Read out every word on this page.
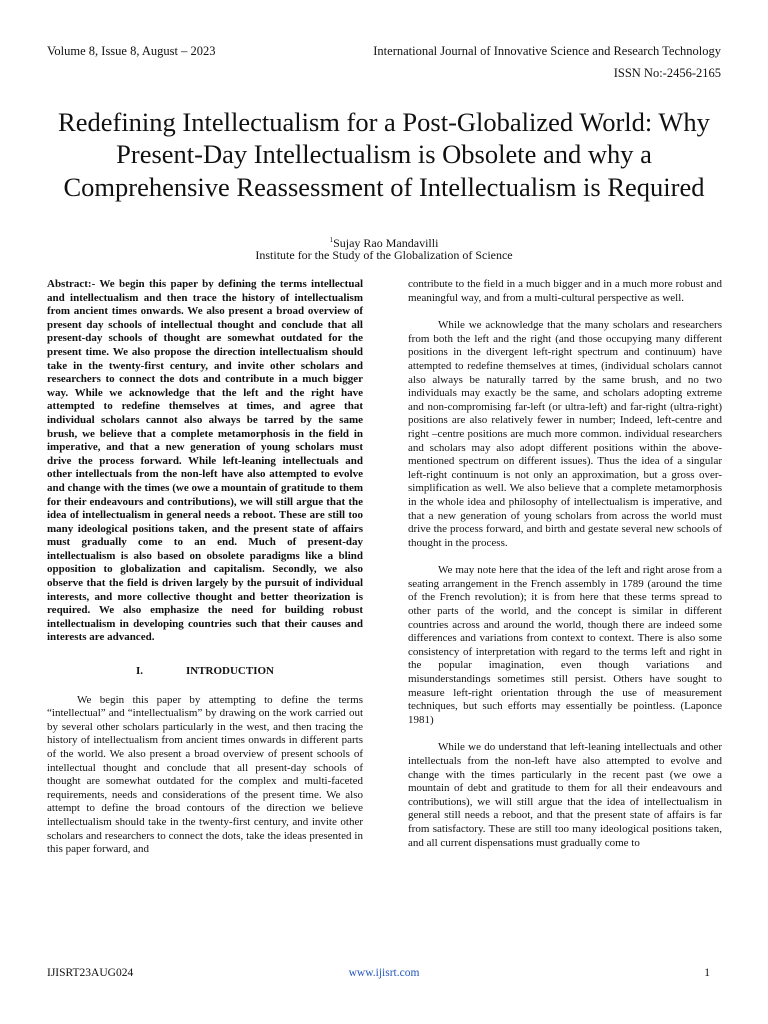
Volume 8, Issue 8, August – 2023	International Journal of Innovative Science and Research Technology
ISSN No:-2456-2165
Redefining Intellectualism for a Post-Globalized World: Why Present-Day Intellectualism is Obsolete and why a Comprehensive Reassessment of Intellectualism is Required
$^1$Sujay Rao Mandavilli
Institute for the Study of the Globalization of Science

Abstract:- We begin this paper by defining the terms intellectual and intellectualism and then trace the history of intellectualism from ancient times onwards. We also present a broad overview of present day schools of intellectual thought and conclude that all present-day schools of thought are somewhat outdated for the present time. We also propose the direction intellectualism should take in the twenty-first century, and invite other scholars and researchers to connect the dots and contribute in a much bigger way. While we acknowledge that the left and the right have attempted to redefine themselves at times, and agree that individual scholars cannot also always be tarred by the same brush, we believe that a complete metamorphosis in the field in imperative, and that a new generation of young scholars must drive the process forward. While left-leaning intellectuals and other intellectuals from the non-left have also attempted to evolve and change with the times (we owe a mountain of gratitude to them for their endeavours and contributions), we will still argue that the idea of intellectualism in general needs a reboot. These are still too many ideological positions taken, and the present state of affairs must gradually come to an end. Much of present-day intellectualism is also based on obsolete paradigms like a blind opposition to globalization and capitalism. Secondly, we also observe that the field is driven largely by the pursuit of individual interests, and more collective thought and better theorization is required. We also emphasize the need for building robust intellectualism in developing countries such that their causes and interests are advanced.

I.	INTRODUCTION

We begin this paper by attempting to define the terms “intellectual” and “intellectualism” by drawing on the work carried out by several other scholars particularly in the west, and then tracing the history of intellectualism from ancient times onwards in different parts of the world. We also present a broad overview of present schools of intellectual thought and conclude that all present-day schools of thought are somewhat outdated for the complex and multi-faceted requirements, needs and considerations of the present time. We also attempt to define the broad contours of the direction we believe intellectualism should take in the twenty-first century, and invite other scholars and researchers to connect the dots, take the ideas presented in this paper forward, and

contribute to the field in a much bigger and in a much more robust and meaningful way, and from a multi-cultural perspective as well.

While we acknowledge that the many scholars and researchers from both the left and the right (and those occupying many different positions in the divergent left-right spectrum and continuum) have attempted to redefine themselves at times, (individual scholars cannot also always be naturally tarred by the same brush, and no two individuals may exactly be the same, and scholars adopting extreme and non-compromising far-left (or ultra-left) and far-right (ultra-right) positions are also relatively fewer in number; Indeed, left-centre and right –centre positions are much more common. individual researchers and scholars may also adopt different positions within the above-mentioned spectrum on different issues). Thus the idea of a singular left-right continuum is not only an approximation, but a gross over-simplification as well. We also believe that a complete metamorphosis in the whole idea and philosophy of intellectualism is imperative, and that a new generation of young scholars from across the world must drive the process forward, and birth and gestate several new schools of thought in the process.

We may note here that the idea of the left and right arose from a seating arrangement in the French assembly in 1789 (around the time of the French revolution); it is from here that these terms spread to other parts of the world, and the concept is similar in different countries across and around the world, though there are indeed some differences and variations from context to context. There is also some consistency of interpretation with regard to the terms left and right in the popular imagination, even though variations and misunderstandings sometimes still persist. Others have sought to measure left-right orientation through the use of measurement techniques, but such efforts may essentially be pointless. (Laponce 1981)

While we do understand that left-leaning intellectuals and other intellectuals from the non-left have also attempted to evolve and change with the times particularly in the recent past (we owe a mountain of debt and gratitude to them for all their endeavours and contributions), we will still argue that the idea of intellectualism in general still needs a reboot, and that the present state of affairs is far from satisfactory. These are still too many ideological positions taken, and all current dispensations must gradually come to

IJISRT23AUG024	www.ijisrt.com	1
